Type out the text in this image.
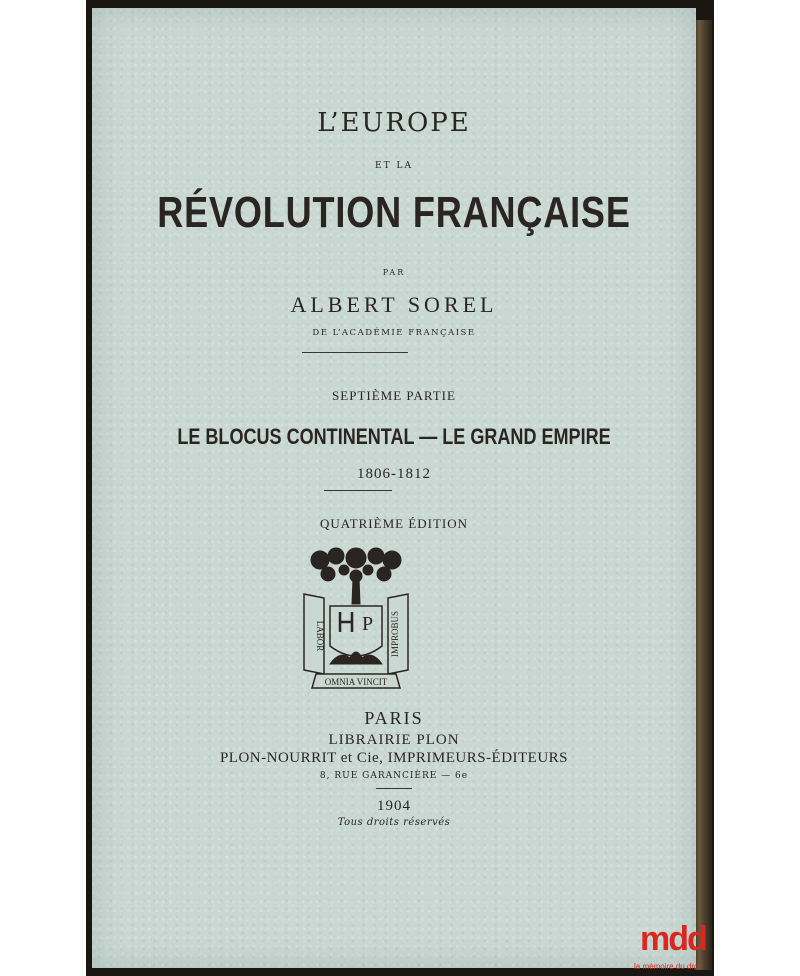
L’EUROPE

ET LA

RÉVOLUTION FRANÇAISE

PAR

ALBERT SOREL

DE L’ACADÉMIE FRANÇAISE

SEPTIÈME PARTIE

LE BLOCUS CONTINENTAL — LE GRAND EMPIRE

1806-1812

QUATRIÈME ÉDITION

P
LABOR	IMPROBUS
OMNIA VINCIT

PARIS

LIBRAIRIE PLON

PLON-NOURRIT et Cie, IMPRIMEURS-ÉDITEURS

8, RUE GARANCIÈRE — 6e

1904

Tous droits réservés

mdd
la mémoire du droit
